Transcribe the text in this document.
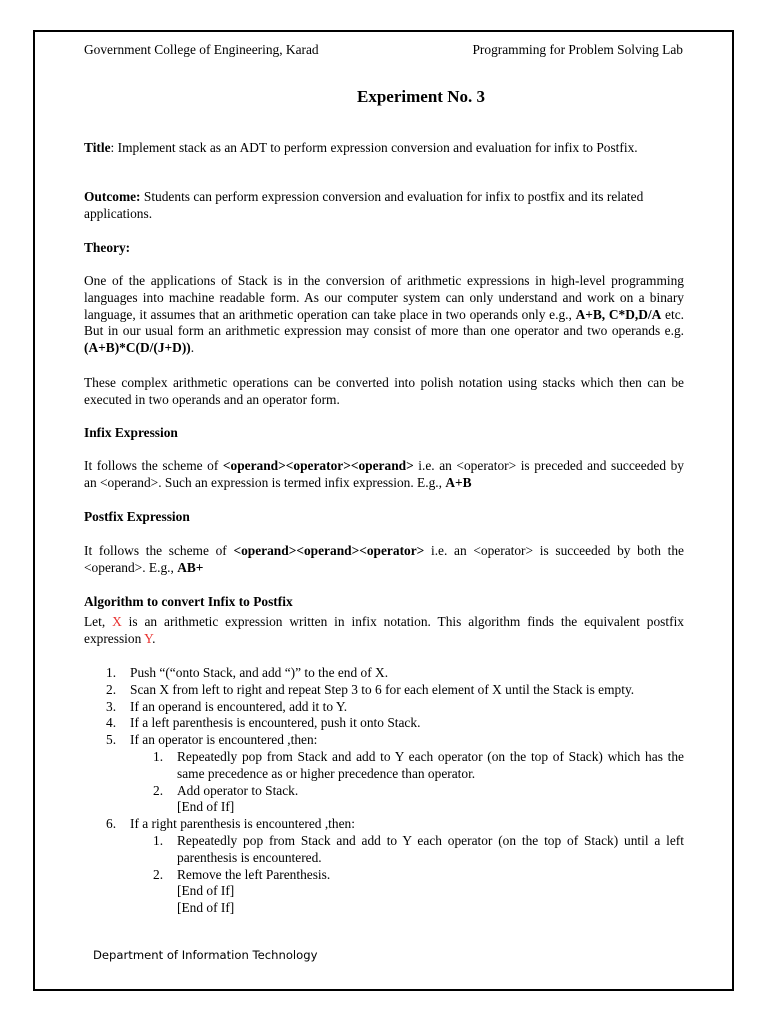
Government College of Engineering, Karad	Programming for Problem Solving Lab
Experiment No. 3
Title: Implement stack as an ADT to perform expression conversion and evaluation for infix to Postfix.
Outcome: Students can perform expression conversion and evaluation for infix to postfix and its related applications.
Theory:
One of the applications of Stack is in the conversion of arithmetic expressions in high-level programming languages into machine readable form. As our computer system can only understand and work on a binary language, it assumes that an arithmetic operation can take place in two operands only e.g., A+B, C*D,D/A etc. But in our usual form an arithmetic expression may consist of more than one operator and two operands e.g. (A+B)*C(D/(J+D)).
These complex arithmetic operations can be converted into polish notation using stacks which then can be executed in two operands and an operator form.
Infix Expression
It follows the scheme of <operand><operator><operand> i.e. an <operator> is preceded and succeeded by an <operand>. Such an expression is termed infix expression. E.g., A+B
Postfix Expression
It follows the scheme of <operand><operand><operator> i.e. an <operator> is succeeded by both the <operand>. E.g., AB+
Algorithm to convert Infix to Postfix
Let, X is an arithmetic expression written in infix notation. This algorithm finds the equivalent postfix expression Y.
1. Push “(“onto Stack, and add “)” to the end of X.
2. Scan X from left to right and repeat Step 3 to 6 for each element of X until the Stack is empty.
3. If an operand is encountered, add it to Y.
4. If a left parenthesis is encountered, push it onto Stack.
5. If an operator is encountered ,then:
1. Repeatedly pop from Stack and add to Y each operator (on the top of Stack) which has the same precedence as or higher precedence than operator.
2. Add operator to Stack.
[End of If]
6. If a right parenthesis is encountered ,then:
1. Repeatedly pop from Stack and add to Y each operator (on the top of Stack) until a left parenthesis is encountered.
2. Remove the left Parenthesis.
[End of If]
[End of If]
Department of Information Technology
